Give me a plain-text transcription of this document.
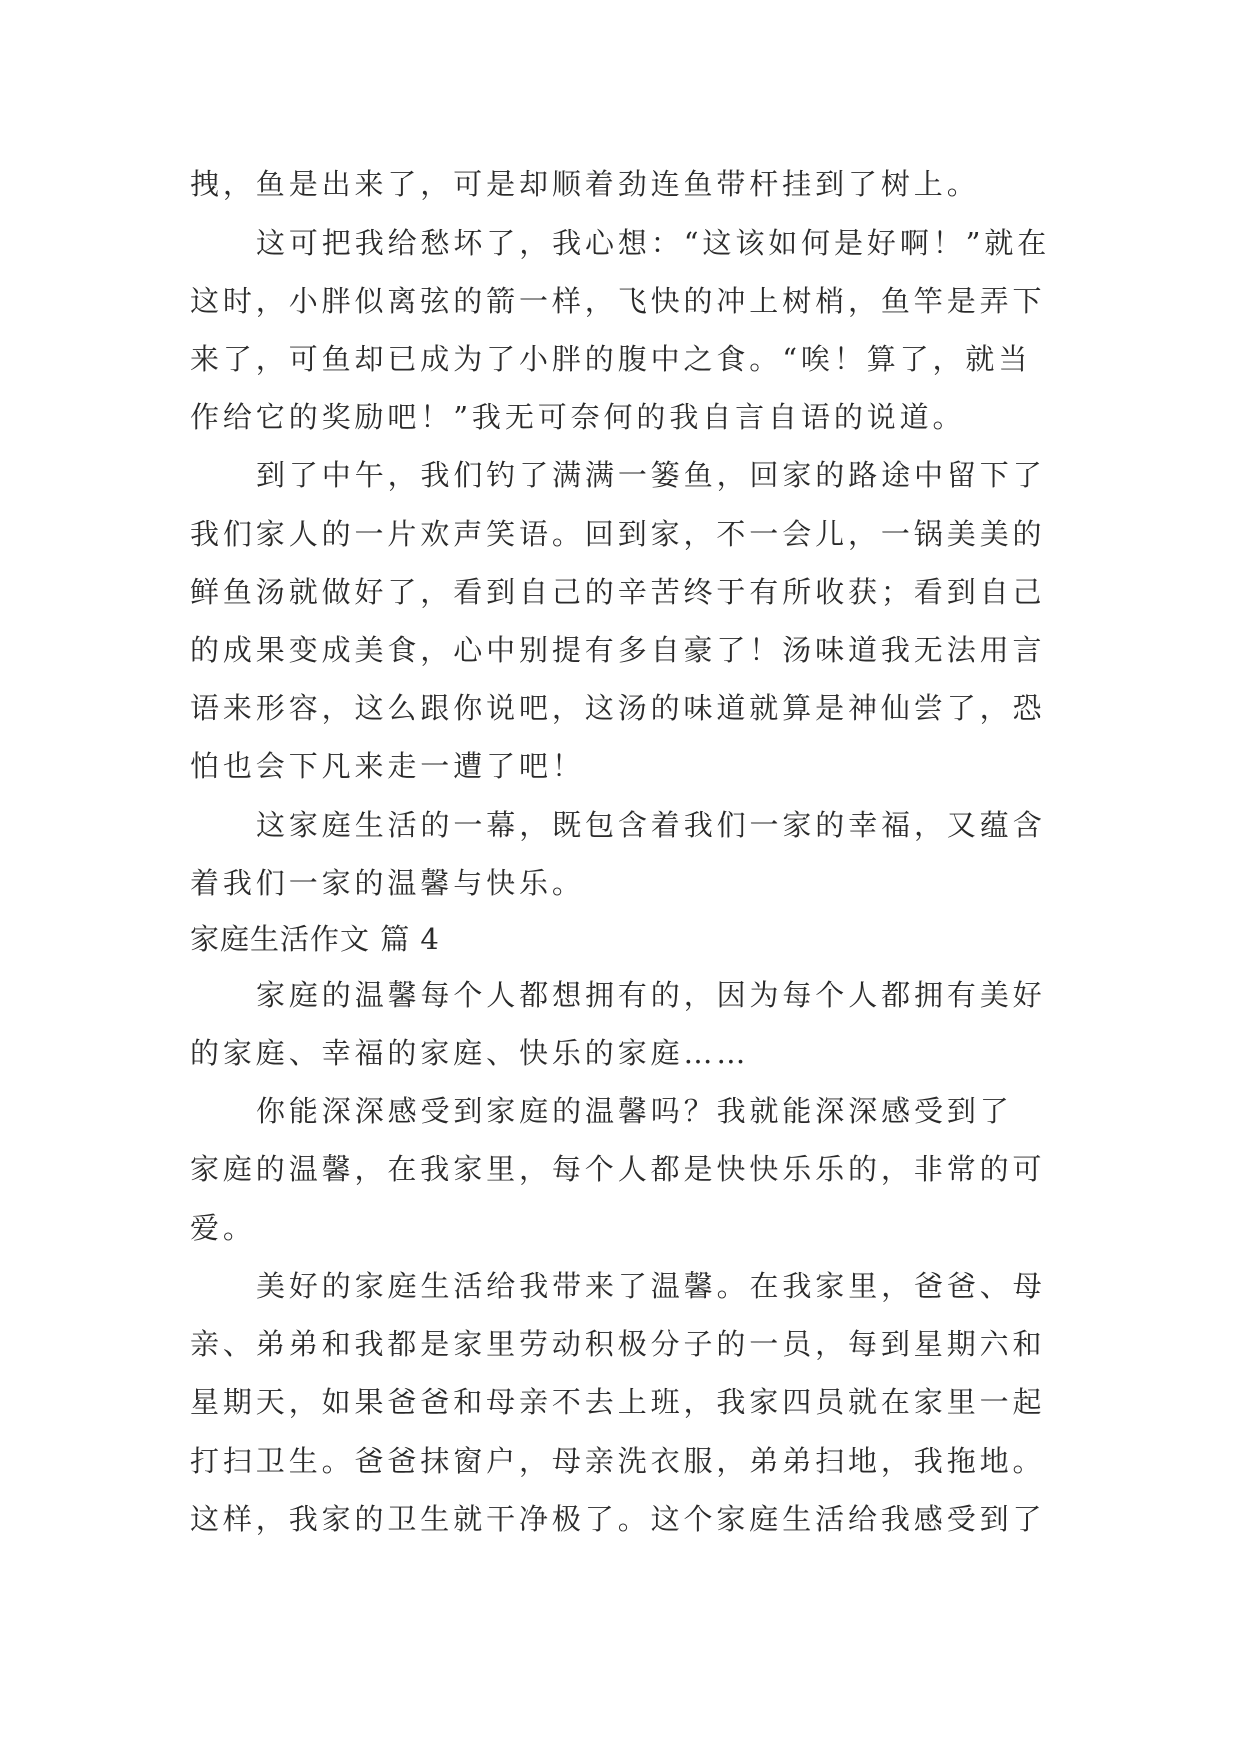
拽，鱼是出来了，可是却顺着劲连鱼带杆挂到了树上。
这可把我给愁坏了，我心想：“这该如何是好啊！”就在
这时，小胖似离弦的箭一样，飞快的冲上树梢，鱼竿是弄下
来了，可鱼却已成为了小胖的腹中之食。“唉！算了，就当
作给它的奖励吧！”我无可奈何的我自言自语的说道。
到了中午，我们钓了满满一篓鱼，回家的路途中留下了
我们家人的一片欢声笑语。回到家，不一会儿，一锅美美的
鲜鱼汤就做好了，看到自己的辛苦终于有所收获；看到自己
的成果变成美食，心中别提有多自豪了！汤味道我无法用言
语来形容，这么跟你说吧，这汤的味道就算是神仙尝了，恐
怕也会下凡来走一遭了吧！
这家庭生活的一幕，既包含着我们一家的幸福，又蕴含
着我们一家的温馨与快乐。
家庭生活作文 篇 4
家庭的温馨每个人都想拥有的，因为每个人都拥有美好
的家庭、幸福的家庭、快乐的家庭……
你能深深感受到家庭的温馨吗？我就能深深感受到了
家庭的温馨，在我家里，每个人都是快快乐乐的，非常的可
爱。
美好的家庭生活给我带来了温馨。在我家里，爸爸、母
亲、弟弟和我都是家里劳动积极分子的一员，每到星期六和
星期天，如果爸爸和母亲不去上班，我家四员就在家里一起
打扫卫生。爸爸抹窗户，母亲洗衣服，弟弟扫地，我拖地。
这样，我家的卫生就干净极了。这个家庭生活给我感受到了
